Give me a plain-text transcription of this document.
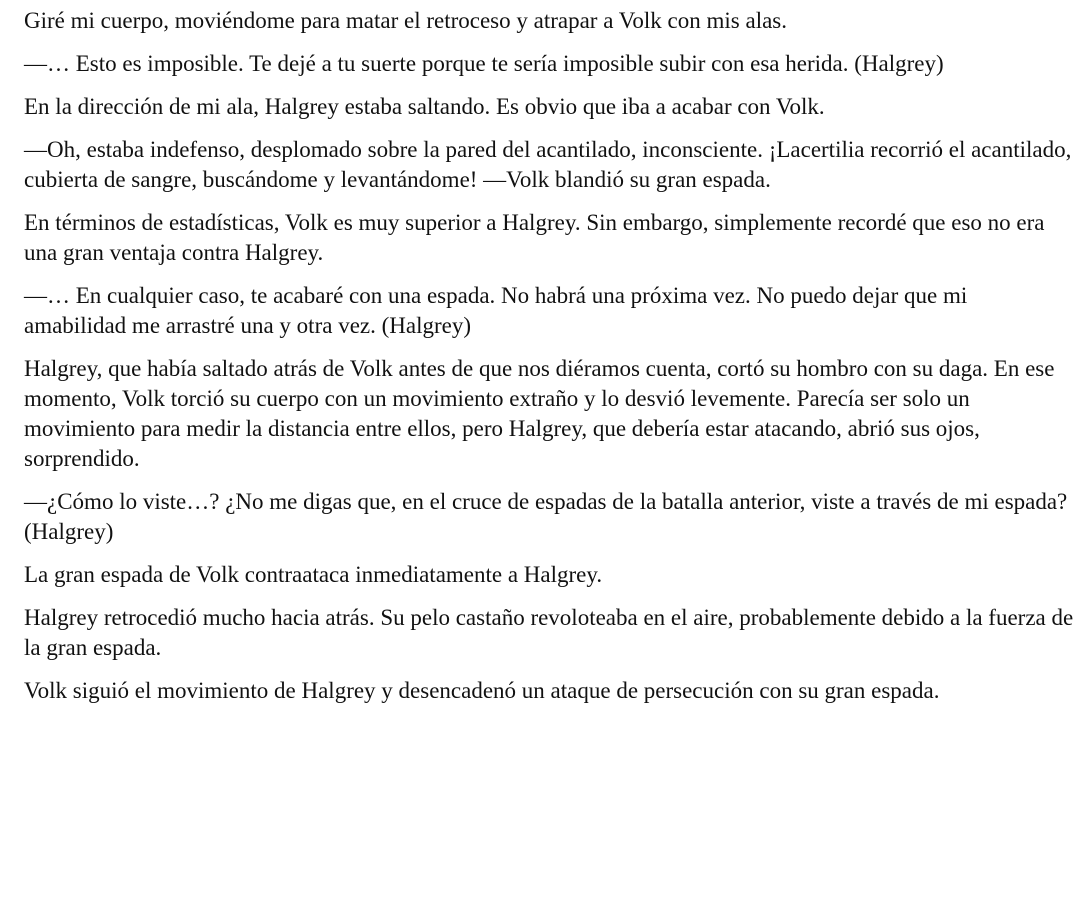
Giré mi cuerpo, moviéndome para matar el retroceso y atrapar a Volk con mis alas.

—… Esto es imposible. Te dejé a tu suerte porque te sería imposible subir con esa herida. (Halgrey)

En la dirección de mi ala, Halgrey estaba saltando. Es obvio que iba a acabar con Volk.

—Oh, estaba indefenso, desplomado sobre la pared del acantilado, inconsciente. ¡Lacertilia recorrió el acantilado, cubierta de sangre, buscándome y levantándome! —Volk blandió su gran espada.

En términos de estadísticas, Volk es muy superior a Halgrey. Sin embargo, simplemente recordé que eso no era una gran ventaja contra Halgrey.

—… En cualquier caso, te acabaré con una espada. No habrá una próxima vez. No puedo dejar que mi amabilidad me arrastré una y otra vez. (Halgrey)

Halgrey, que había saltado atrás de Volk antes de que nos diéramos cuenta, cortó su hombro con su daga. En ese momento, Volk torció su cuerpo con un movimiento extraño y lo desvió levemente. Parecía ser solo un movimiento para medir la distancia entre ellos, pero Halgrey, que debería estar atacando, abrió sus ojos, sorprendido.

—¿Cómo lo viste…? ¿No me digas que, en el cruce de espadas de la batalla anterior, viste a través de mi espada? (Halgrey)

La gran espada de Volk contraataca inmediatamente a Halgrey.

Halgrey retrocedió mucho hacia atrás. Su pelo castaño revoloteaba en el aire, probablemente debido a la fuerza de la gran espada.

Volk siguió el movimiento de Halgrey y desencadenó un ataque de persecución con su gran espada.
